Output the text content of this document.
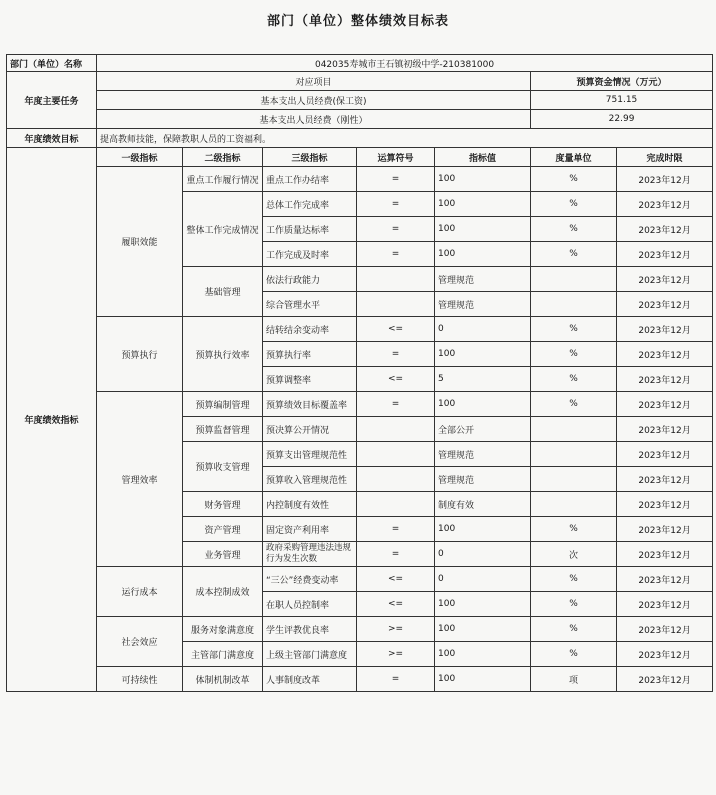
部门（单位）整体绩效目标表
部门（单位）名称	042035寿城市王石镇初级中学-210381000						
年度主要任务	对应项目					预算资金情况（万元）	
	基本支出人员经费(保工资)					751.15	
	基本支出人员经费（刚性）					22.99	
年度绩效目标	提高教师技能，保障教职人员的工资福利。						
年度绩效指标	一级指标	二级指标	三级指标	运算符号	指标值	度量单位	完成时限
	履职效能	重点工作履行情况	重点工作办结率	=	100	%	2023年12月
		整体工作完成情况	总体工作完成率	=	100	%	2023年12月
			工作质量达标率	=	100	%	2023年12月
			工作完成及时率	=	100	%	2023年12月
		基础管理	依法行政能力		管理规范		2023年12月
			综合管理水平		管理规范		2023年12月
	预算执行	预算执行效率	结转结余变动率	<=	0	%	2023年12月
			预算执行率	=	100	%	2023年12月
			预算调整率	<=	5	%	2023年12月
	管理效率	预算编制管理	预算绩效目标覆盖率	=	100	%	2023年12月
		预算监督管理	预决算公开情况		全部公开		2023年12月
		预算收支管理	预算支出管理规范性		管理规范		2023年12月
			预算收入管理规范性		管理规范		2023年12月
		财务管理	内控制度有效性		制度有效		2023年12月
		资产管理	固定资产利用率	=	100	%	2023年12月
		业务管理	政府采购管理违法违规行为发生次数	=	0	次	2023年12月
	运行成本	成本控制成效	“三公”经费变动率	<=	0	%	2023年12月
			在职人员控制率	<=	100	%	2023年12月
	社会效应	服务对象满意度	学生评教优良率	>=	100	%	2023年12月
		主管部门满意度	上级主管部门满意度	>=	100	%	2023年12月
	可持续性	体制机制改革	人事制度改革	=	100	项	2023年12月
